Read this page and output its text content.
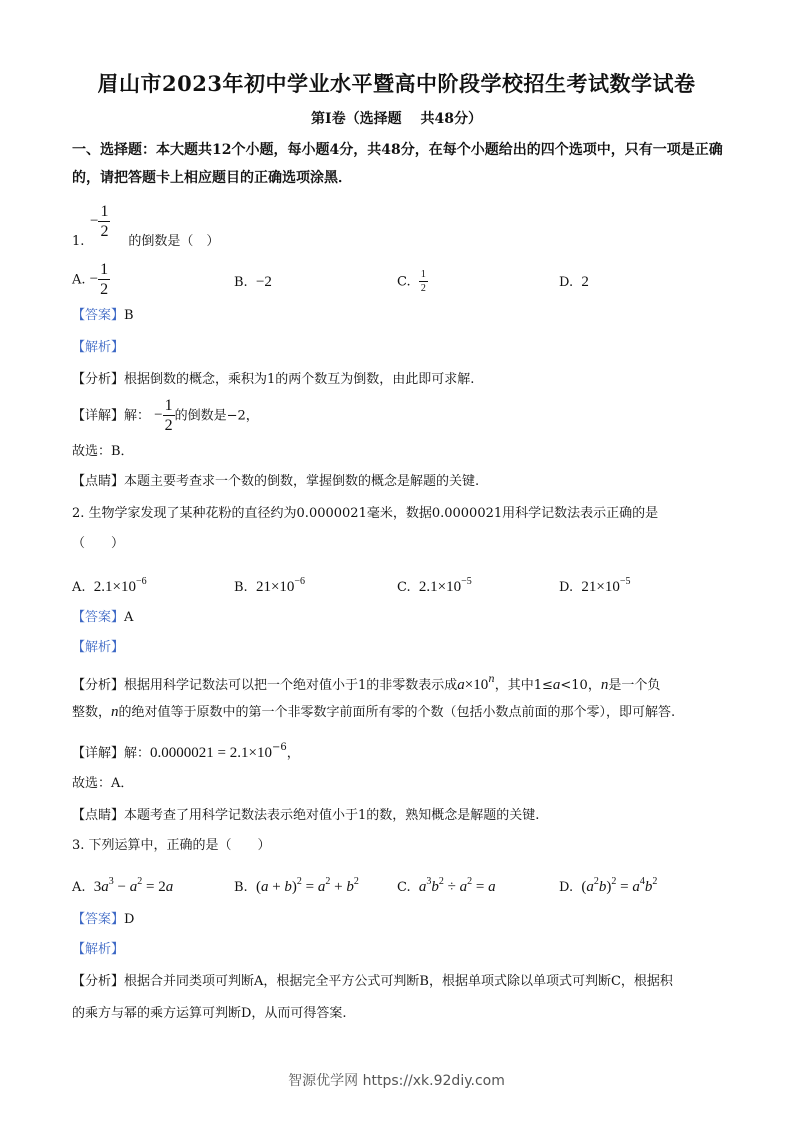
眉山市2023年初中学业水平暨高中阶段学校招生考试数学试卷
第I卷（选择题　 共48分）
一、选择题：本大题共12个小题，每小题4分，共48分，在每个小题给出的四个选项中，只有一项是正确的，请把答题卡上相应题目的正确选项涂黑．
− $\frac{1}{2}$
1.	的倒数是（　）
A. − $\frac{1}{2}$	B. −2	C. $\frac{1}{2}$	D. 2
【答案】B
【解析】
【分析】根据倒数的概念，乘积为1的两个数互为倒数，由此即可求解.
【详解】解： − $\frac{1}{2}$ 的倒数是−2，
故选：B．
【点睛】本题主要考查求一个数的倒数，掌握倒数的概念是解题的关键.
2. 生物学家发现了某种花粉的直径约为0.0000021毫米，数据0.0000021用科学记数法表示正确的是
（　　）
A. $2.1\times 10^{-6}$	B. $21\times 10^{-6}$	C. $2.1\times 10^{-5}$	D. $21\times 10^{-5}$
【答案】A
【解析】
【分析】根据用科学记数法可以把一个绝对值小于1的非零数表示成$a\times 10^n$，其中1≤a<10，n是一个负
整数，n的绝对值等于原数中的第一个非零数字前面所有零的个数（包括小数点前面的那个零），即可解答.
【详解】解：$0.0000021 = 2.1\times 10^{-6}$，
故选：A．
【点睛】本题考查了用科学记数法表示绝对值小于1的数，熟知概念是解题的关键.
3. 下列运算中，正确的是（　　）
A. $3a^3 - a^2 = 2a$	B. $(a + b)^2 = a^2 + b^2$	C. $a^3b^2 \div a^2 = a$	D. $(a^2b)^2 = a^4b^2$
【答案】D
【解析】
【分析】根据合并同类项可判断A，根据完全平方公式可判断B，根据单项式除以单项式可判断C，根据积
的乘方与幂的乘方运算可判断D，从而可得答案.
智源优学网 https://xk.92diy.com
